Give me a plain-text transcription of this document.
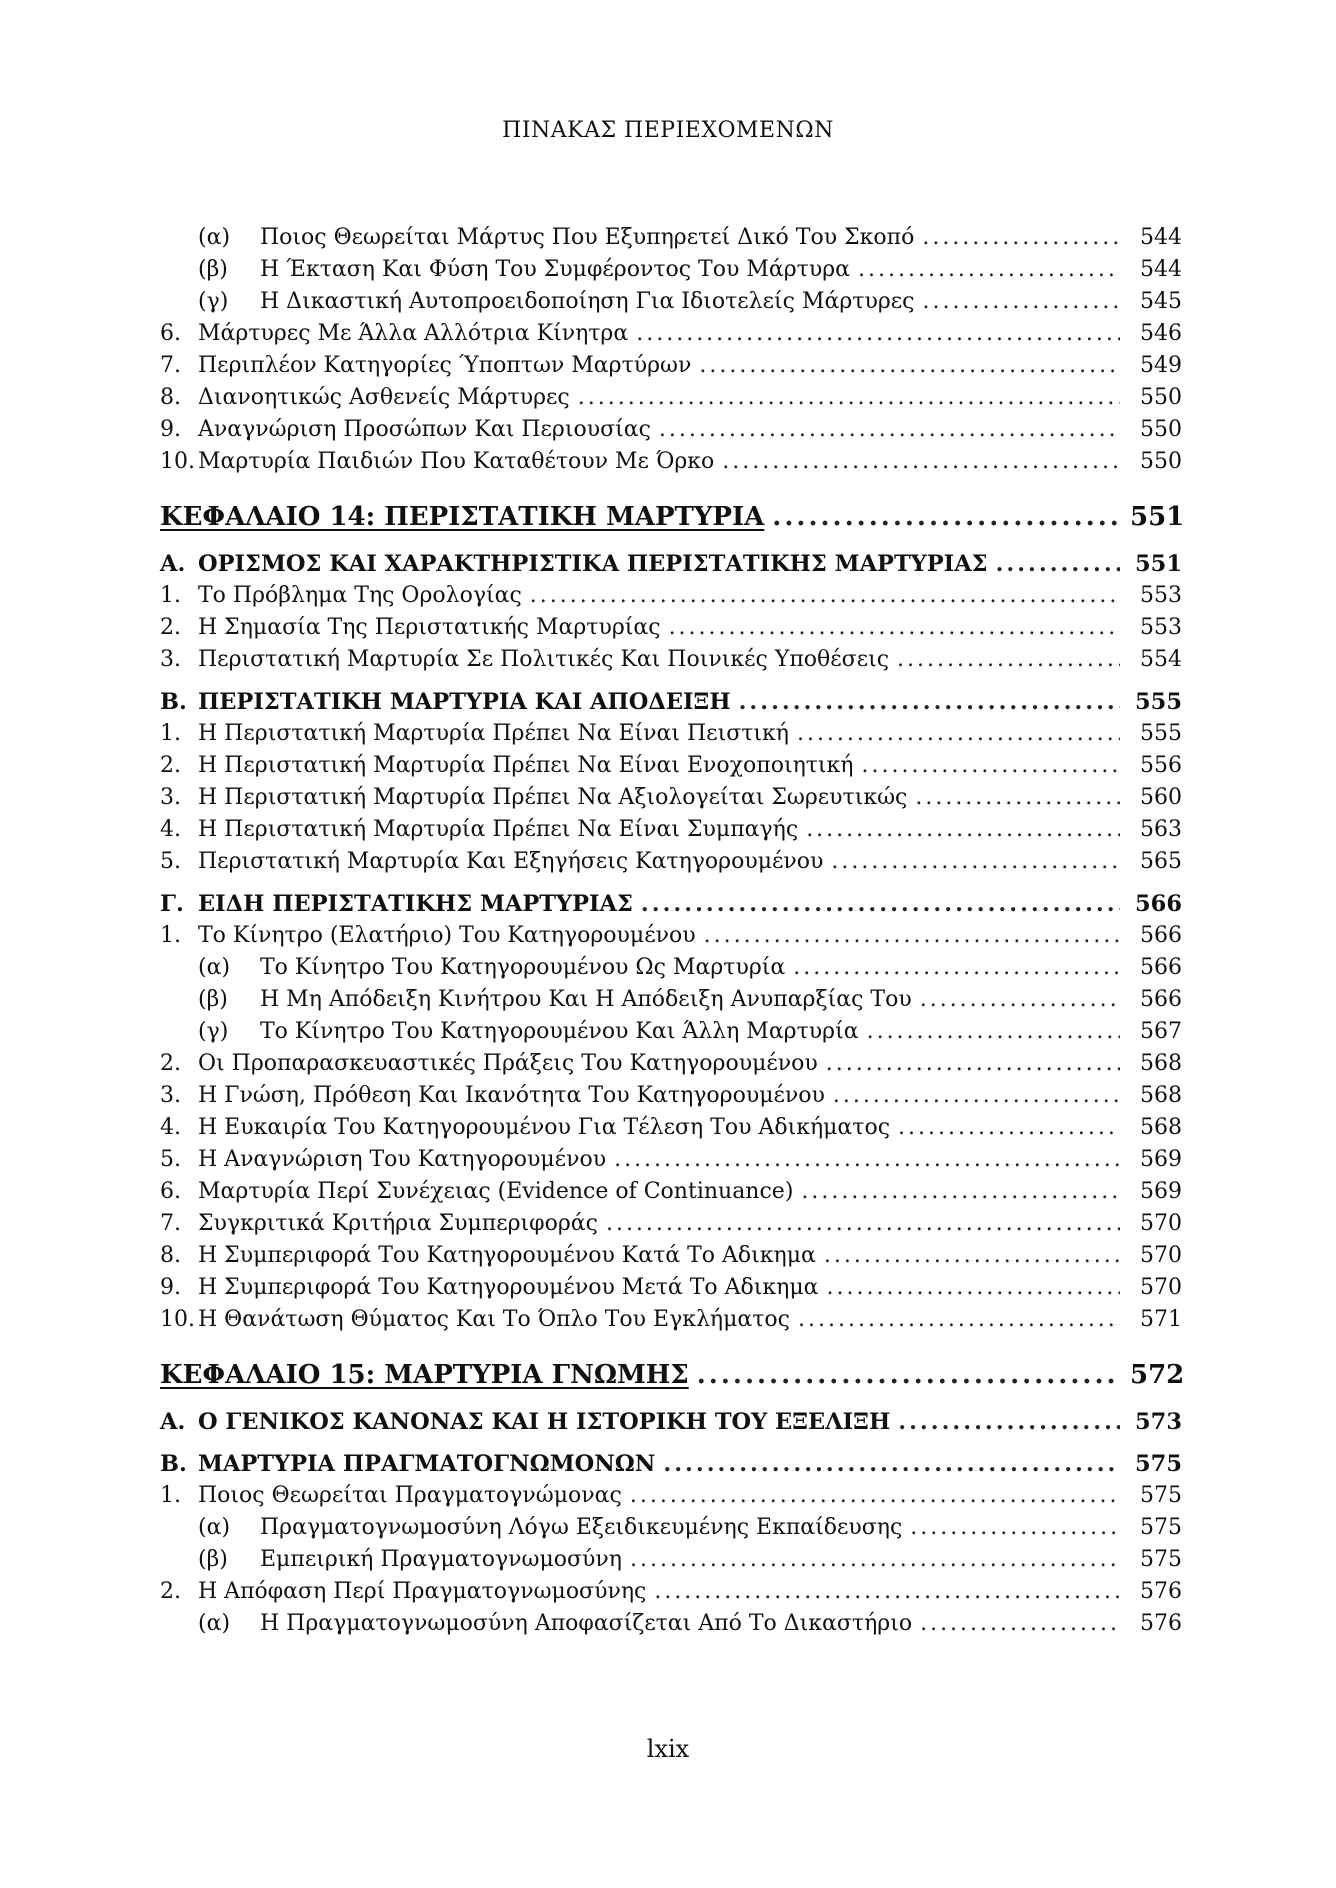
ΠΙΝΑΚΑΣ ΠΕΡΙΕΧΟΜΕΝΩΝ
(α)	Ποιος Θεωρείται Μάρτυς Που Εξυπηρετεί Δικό Του Σκοπό .....	544
(β)	Η Έκταση Και Φύση Του Συμφέροντος Του Μάρτυρα .....	544
(γ)	Η Δικαστική Αυτοπροειδοποίηση Για Ιδιοτελείς Μάρτυρες .....	545
6. Μάρτυρες Με Άλλα Αλλότρια Κίνητρα .....	546
7. Περιπλέον Κατηγορίες Ύποπτων Μαρτύρων .....	549
8. Διανοητικώς Ασθενείς Μάρτυρες .....	550
9. Αναγνώριση Προσώπων Και Περιουσίας .....	550
10. Μαρτυρία Παιδιών Που Καταθέτουν Με Όρκο .....	550
ΚΕΦΑΛΑΙΟ 14: ΠΕΡΙΣΤΑΤΙΚΗ ΜΑΡΤΥΡΙΑ .....	551
Α. ΟΡΙΣΜΟΣ ΚΑΙ ΧΑΡΑΚΤΗΡΙΣΤΙΚΑ ΠΕΡΙΣΤΑΤΙΚΗΣ ΜΑΡΤΥΡΙΑΣ .....	551
1. Το Πρόβλημα Της Ορολογίας .....	553
2. Η Σημασία Της Περιστατικής Μαρτυρίας .....	553
3. Περιστατική Μαρτυρία Σε Πολιτικές Και Ποινικές Υποθέσεις .....	554
Β. ΠΕΡΙΣΤΑΤΙΚΗ ΜΑΡΤΥΡΙΑ ΚΑΙ ΑΠΟΔΕΙΞΗ .....	555
1. Η Περιστατική Μαρτυρία Πρέπει Να Είναι Πειστική .....	555
2. Η Περιστατική Μαρτυρία Πρέπει Να Είναι Ενοχοποιητική .....	556
3. Η Περιστατική Μαρτυρία Πρέπει Να Αξιολογείται Σωρευτικώς .....	560
4. Η Περιστατική Μαρτυρία Πρέπει Να Είναι Συμπαγής .....	563
5. Περιστατική Μαρτυρία Και Εξηγήσεις Κατηγορουμένου .....	565
Γ. ΕΙΔΗ ΠΕΡΙΣΤΑΤΙΚΗΣ ΜΑΡΤΥΡΙΑΣ .....	566
1. Το Κίνητρο (Ελατήριο) Του Κατηγορουμένου .....	566
(α)	Το Κίνητρο Του Κατηγορουμένου Ως Μαρτυρία .....	566
(β)	Η Μη Απόδειξη Κινήτρου Και Η Απόδειξη Ανυπαρξίας Του .....	566
(γ)	Το Κίνητρο Του Κατηγορουμένου Και Άλλη Μαρτυρία .....	567
2. Οι Προπαρασκευαστικές Πράξεις Του Κατηγορουμένου .....	568
3. Η Γνώση, Πρόθεση Και Ικανότητα Του Κατηγορουμένου .....	568
4. Η Ευκαιρία Του Κατηγορουμένου Για Τέλεση Του Αδικήματος .....	568
5. Η Αναγνώριση Του Κατηγορουμένου .....	569
6. Μαρτυρία Περί Συνέχειας (Evidence of Continuance) .....	569
7. Συγκριτικά Κριτήρια Συμπεριφοράς .....	570
8. Η Συμπεριφορά Του Κατηγορουμένου Κατά Το Αδικημα .....	570
9. Η Συμπεριφορά Του Κατηγορουμένου Μετά Το Αδικημα .....	570
10. Η Θανάτωση Θύματος Και Το Όπλο Του Εγκλήματος .....	571
ΚΕΦΑΛΑΙΟ 15: ΜΑΡΤΥΡΙΑ ΓΝΩΜΗΣ .....	572
Α. Ο ΓΕΝΙΚΟΣ ΚΑΝΟΝΑΣ ΚΑΙ Η ΙΣΤΟΡΙΚΗ ΤΟΥ ΕΞΕΛΙΞΗ .....	573
Β. ΜΑΡΤΥΡΙΑ ΠΡΑΓΜΑΤΟΓΝΩΜΟΝΩΝ .....	575
1. Ποιος Θεωρείται Πραγματογνώμονας .....	575
(α)	Πραγματογνωμοσύνη Λόγω Εξειδικευμένης Εκπαίδευσης .....	575
(β)	Εμπειρική Πραγματογνωμοσύνη .....	575
2. Η Απόφαση Περί Πραγματογνωμοσύνης .....	576
(α)	Η Πραγματογνωμοσύνη Αποφασίζεται Από Το Δικαστήριο .....	576
lxix
